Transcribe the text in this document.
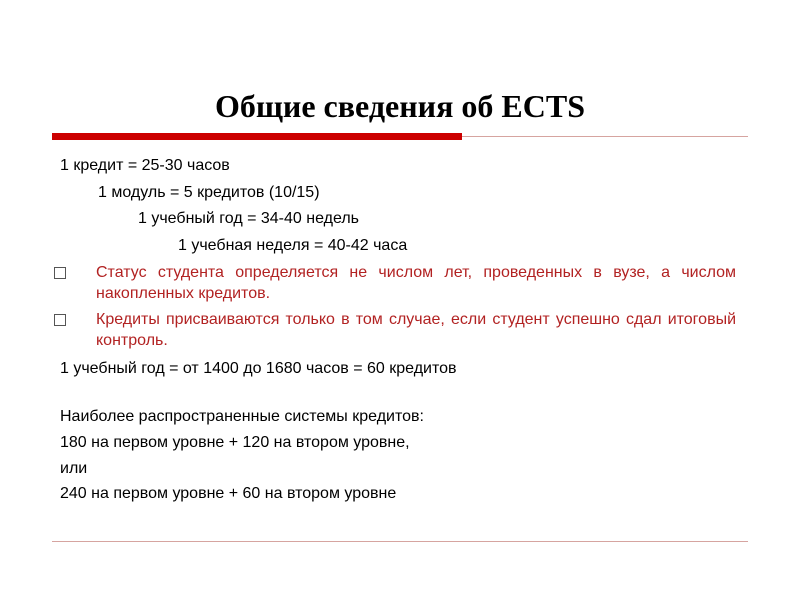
Общие сведения об ECTS
1 кредит = 25-30 часов
1 модуль = 5 кредитов (10/15)
1 учебный год = 34-40 недель
1 учебная неделя = 40-42 часа
Статус студента определяется не числом лет, проведенных в вузе, а числом накопленных кредитов.
Кредиты присваиваются только в том случае, если студент успешно сдал итоговый контроль.
1 учебный год = от 1400 до 1680 часов = 60 кредитов
Наиболее распространенные системы кредитов:
180 на первом уровне + 120 на втором уровне,
или
240 на первом уровне + 60 на втором уровне
